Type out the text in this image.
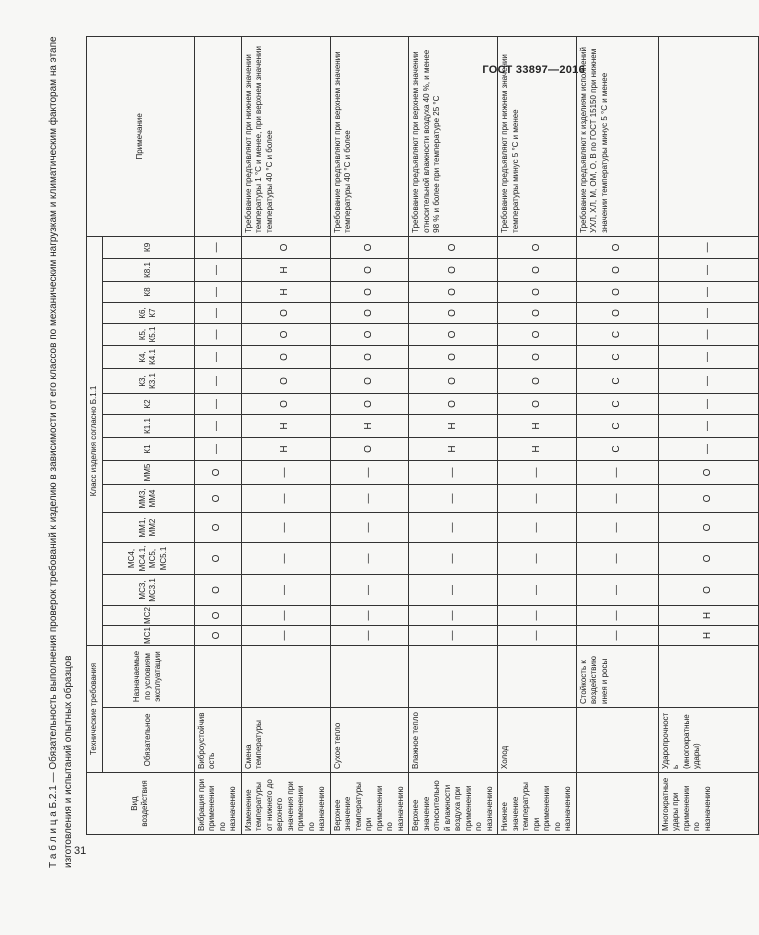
ГОСТ 33897—2016
Т а б л и ц а Б.2.1 — Обязательность выполнения проверок требований к изделию в зависимости от его классов по механическим нагрузкам и климатическим факторам на этапе изготовления и испытаний опытных образцов	Вид воздействия	Технические требования		Класс изделия согласно Б.1.1																	Примечание
	Обязательное	Назначаемые по условиям эксплуатации	МС1	МС2	МС3, МС3.1	МС4, МС4.1, МС5, МС5.1	ММ1, ММ2	ММ3, ММ4	ММ5	К1	К1.1	К2	К3, К3.1	К4, К4.1	К5, К5.1	К6, К7	К8	К8.1	К9	
Вибрация при применении по назначению	Виброустойчивость		О	О	О	О	О	О	О	—	—	—	—	—	—	—	—	—	—	
Изменение температуры от нижнего до верхнего значения при применении по назначению	Смена температуры		—	—	—	—	—	—	—	Н	Н	О	О	О	О	О	Н	Н	О	Требование предъявляют при нижнем значении температуры 1 °С и менее, при верхнем значении температуры 40 °С и более
Верхнее значение температуры при применении по назначению	Сухое тепло		—	—	—	—	—	—	—	О	Н	О	О	О	О	О	О	О	О	Требование предъявляют при верхнем значении температуры 40 °С и более
Верхнее значение относительной влажности воздуха при применении по назначению	Влажное тепло		—	—	—	—	—	—	—	Н	Н	О	О	О	О	О	О	О	О	Требование предъявляют при верхнем значении относительной влажности воздуха 40 %, и менее 98 % и более при температуре 25 °С
Нижнее значение температуры при применении по назначению	Холод		—	—	—	—	—	—	—	Н	Н	О	О	О	О	О	О	О	О	Требование предъявляют при нижнем значении температуры минус 5 °С и менее
		Стойкость к воздействию инея и росы	—	—	—	—	—	—	—	С	С	С	С	С	С	О	О	О	О	Требование предъявляют к изделиям исполнений УХЛ, ХЛ, М, ОМ, О, В по ГОСТ 15150 при нижнем значении температуры минус 5 °С и менее
Многократные удары при применении по назначению	Ударопрочность (многократные удары)		Н	Н	О	О	О	О	О	—	—	—	—	—	—	—	—	—	—	
31
